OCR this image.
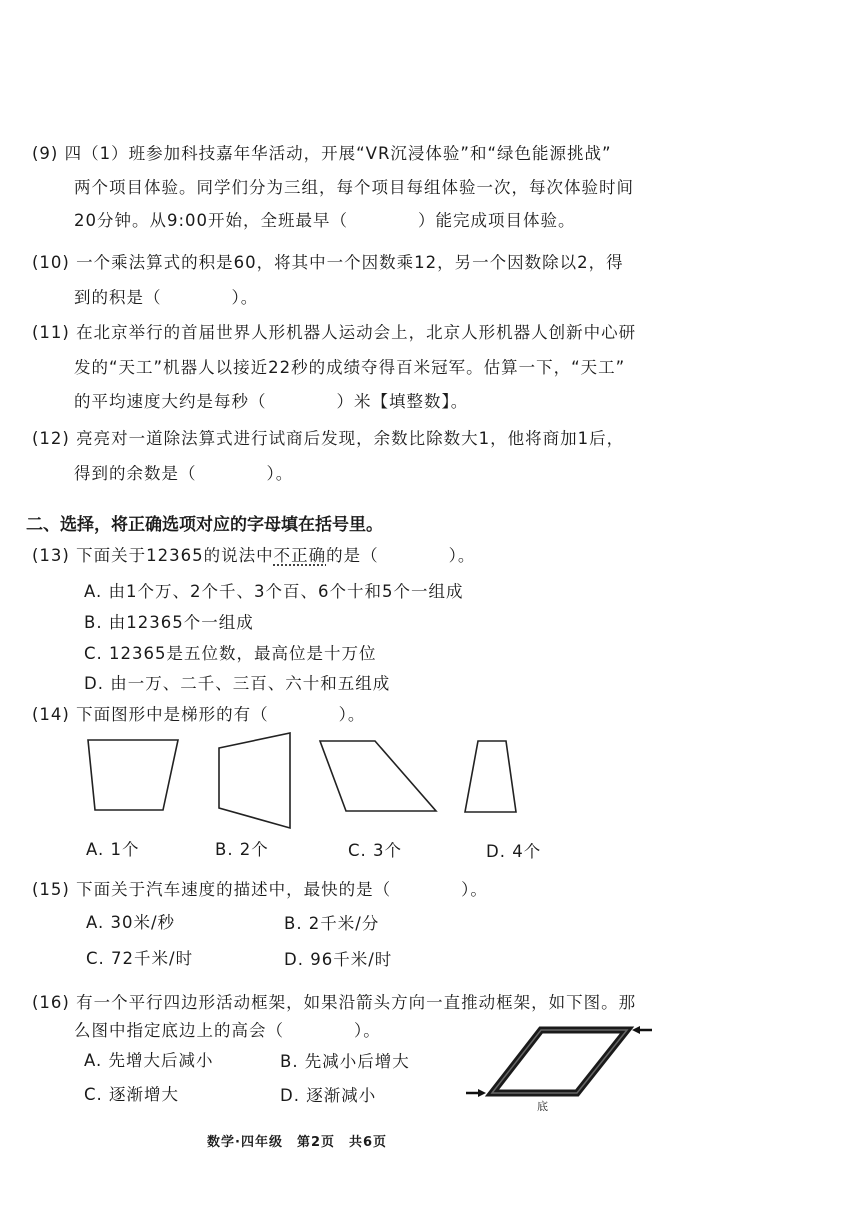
(9) 四（1）班参加科技嘉年华活动，开展“VR沉浸体验”和“绿色能源挑战”
两个项目体验。同学们分为三组，每个项目每组体验一次，每次体验时间
20分钟。从9:00开始，全班最早（　　　　）能完成项目体验。
(10) 一个乘法算式的积是60，将其中一个因数乘12，另一个因数除以2，得
到的积是（　　　　）。
(11) 在北京举行的首届世界人形机器人运动会上，北京人形机器人创新中心研
发的“天工”机器人以接近22秒的成绩夺得百米冠军。估算一下，“天工”
的平均速度大约是每秒（　　　　）米【填整数】。
(12) 亮亮对一道除法算式进行试商后发现，余数比除数大1，他将商加1后，
得到的余数是（　　　　）。
二、选择，将正确选项对应的字母填在括号里。
(13) 下面关于12365的说法中不正确的是（　　　　）。
A. 由1个万、2个千、3个百、6个十和5个一组成
B. 由12365个一组成
C. 12365是五位数，最高位是十万位
D. 由一万、二千、三百、六十和五组成
(14) 下面图形中是梯形的有（　　　　）。
A. 1个	B. 2个	C. 3个	D. 4个
(15) 下面关于汽车速度的描述中，最快的是（　　　　）。
A. 30米/秒	B. 2千米/分
C. 72千米/时	D. 96千米/时
(16) 有一个平行四边形活动框架，如果沿箭头方向一直推动框架，如下图。那
么图中指定底边上的高会（　　　　）。
A. 先增大后减小	B. 先减小后增大
C. 逐渐增大	D. 逐渐减小
底
数学·四年级　第2页　共6页
